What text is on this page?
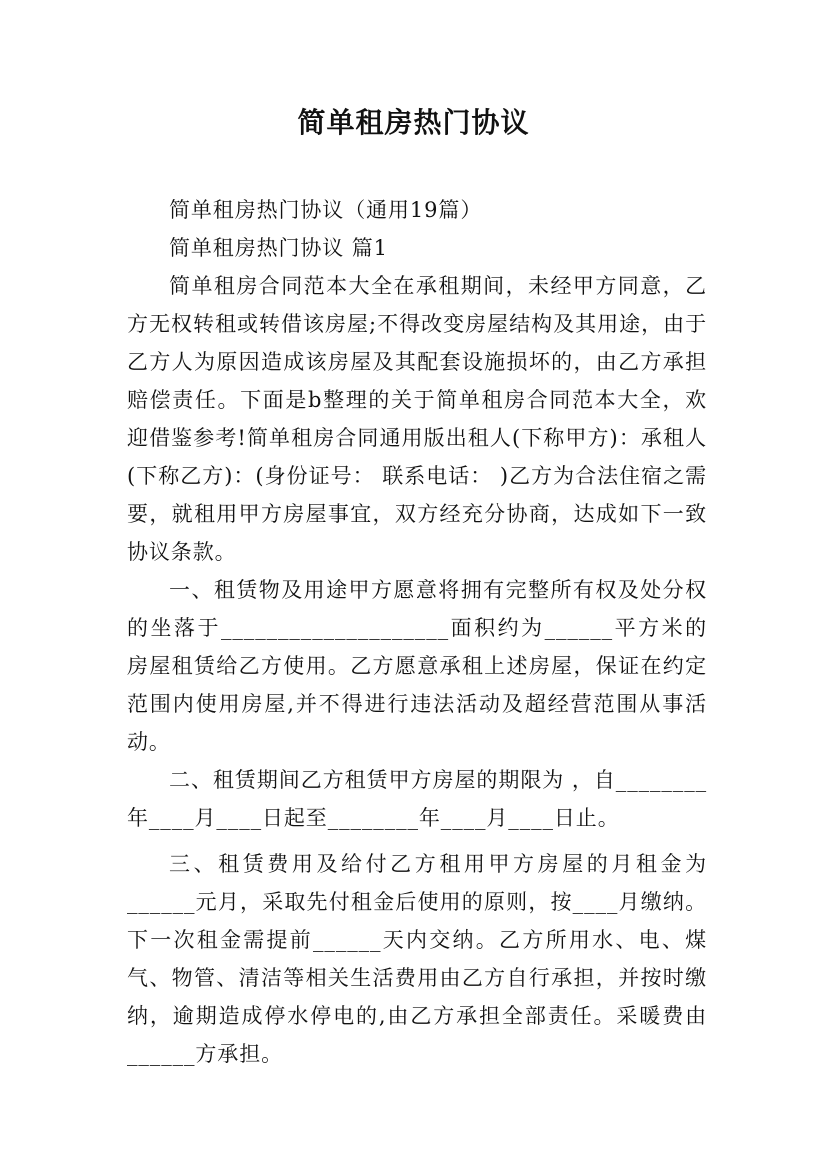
简单租房热门协议

简单租房热门协议（通用19篇）

简单租房热门协议 篇1

简单租房合同范本大全在承租期间，未经甲方同意，乙方无权转租或转借该房屋;不得改变房屋结构及其用途，由于乙方人为原因造成该房屋及其配套设施损坏的，由乙方承担赔偿责任。下面是b整理的关于简单租房合同范本大全，欢迎借鉴参考!简单租房合同通用版出租人(下称甲方)：承租人(下称乙方)：(身份证号： 联系电话： )乙方为合法住宿之需要，就租用甲方房屋事宜，双方经充分协商，达成如下一致协议条款。

一、租赁物及用途甲方愿意将拥有完整所有权及处分权的坐落于____________________面积约为______平方米的房屋租赁给乙方使用。乙方愿意承租上述房屋，保证在约定范围内使用房屋,并不得进行违法活动及超经营范围从事活动。

二、租赁期间乙方租赁甲方房屋的期限为 ，自________年____月____日起至________年____月____日止。

三、租赁费用及给付乙方租用甲方房屋的月租金为______元月，采取先付租金后使用的原则，按____月缴纳。下一次租金需提前______天内交纳。乙方所用水、电、煤气、物管、清洁等相关生活费用由乙方自行承担，并按时缴纳，逾期造成停水停电的,由乙方承担全部责任。采暖费由______方承担。
